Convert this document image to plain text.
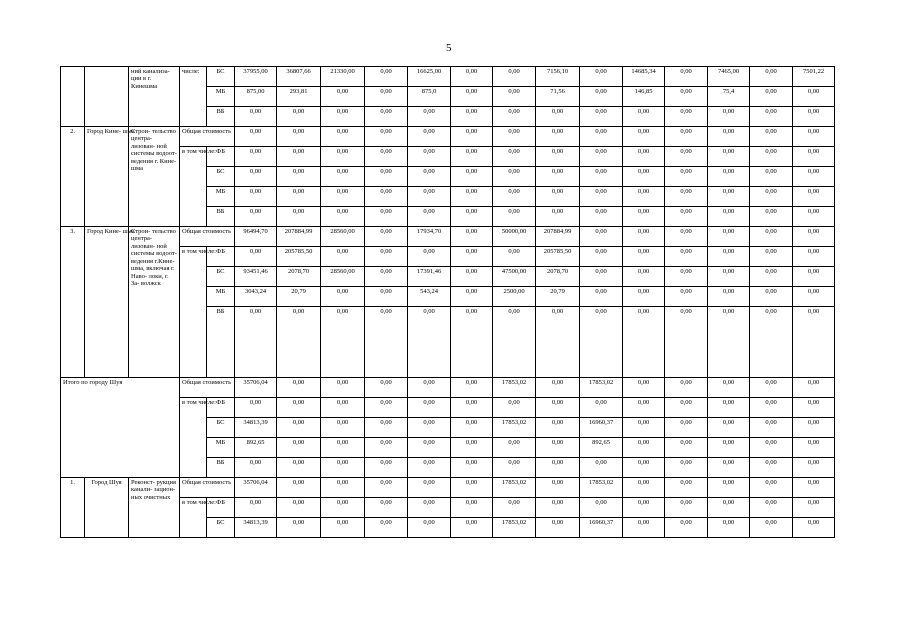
5
		ний канализа- ции в г. Кинешма	числе:	БС	37955,00	36807,66	21330,00	0,00	16625,00	0,00	0,00	7156,10	0,00	14685,34	0,00	7465,00	0,00	7501,22
				МБ	875,00	293,81	0,00	0,00	875,0	0,00	0,00	71,56	0,00	146,85	0,00	75,4	0,00	0,00
				ВБ	0,00	0,00	0,00	0,00	0,00	0,00	0,00	0,00	0,00	0,00	0,00	0,00	0,00	0,00
2.	Город Кине- шма	Строи- тельство центра- лизован- ной системы водоот- ведения г. Кине- шма	Общая стоимость		0,00	0,00	0,00	0,00	0,00	0,00	0,00	0,00	0,00	0,00	0,00	0,00	0,00	0,00
			в том числе:	ФБ	0,00	0,00	0,00	0,00	0,00	0,00	0,00	0,00	0,00	0,00	0,00	0,00	0,00	0,00
				БС	0,00	0,00	0,00	0,00	0,00	0,00	0,00	0,00	0,00	0,00	0,00	0,00	0,00	0,00
				МБ	0,00	0,00	0,00	0,00	0,00	0,00	0,00	0,00	0,00	0,00	0,00	0,00	0,00	0,00
				ВБ	0,00	0,00	0,00	0,00	0,00	0,00	0,00	0,00	0,00	0,00	0,00	0,00	0,00	0,00
3.	Город Кине- шма	Строи- тельство центра- лизован- ной системы водоот- ведения г.Кине- шма, включая г. Наво- локи, г. За- волжск	Общая стоимость		96494,70	207884,99	28560,00	0,00	17934,70	0,00	50000,00	207884,99	0,00	0,00	0,00	0,00	0,00	0,00
			в том числе:	ФБ	0,00	205785,50	0,00	0,00	0,00	0,00	0,00	205785,50	0,00	0,00	0,00	0,00	0,00	0,00
				БС	93451,46	2078,70	28560,00	0,00	17391,46	0,00	47500,00	2078,70	0,00	0,00	0,00	0,00	0,00	0,00
				МБ	3043,24	20,79	0,00	0,00	543,24	0,00	2500,00	20,79	0,00	0,00	0,00	0,00	0,00	0,00
				ВБ	0,00	0,00	0,00	0,00	0,00	0,00	0,00	0,00	0,00	0,00	0,00	0,00	0,00	0,00
Итого по городу Шуя			Общая стоимость		35706,04	0,00	0,00	0,00	0,00	0,00	17853,02	0,00	17853,02	0,00	0,00	0,00	0,00	0,00
			в том числе:	ФБ	0,00	0,00	0,00	0,00	0,00	0,00	0,00	0,00	0,00	0,00	0,00	0,00	0,00	0,00
				БС	34813,39	0,00	0,00	0,00	0,00	0,00	17853,02	0,00	16960,37	0,00	0,00	0,00	0,00	0,00
				МБ	892,65	0,00	0,00	0,00	0,00	0,00	0,00	0,00	892,65	0,00	0,00	0,00	0,00	0,00
				ВБ	0,00	0,00	0,00	0,00	0,00	0,00	0,00	0,00	0,00	0,00	0,00	0,00	0,00	0,00
1.	Город Шуя	Реконст- рукция канали- зацион- ных очистных	Общая стоимость		35706,04	0,00	0,00	0,00	0,00	0,00	17853,02	0,00	17853,02	0,00	0,00	0,00	0,00	0,00
			в том числе:	ФБ	0,00	0,00	0,00	0,00	0,00	0,00	0,00	0,00	0,00	0,00	0,00	0,00	0,00	0,00
				БС	34813,39	0,00	0,00	0,00	0,00	0,00	17853,02	0,00	16960,37	0,00	0,00	0,00	0,00	0,00
